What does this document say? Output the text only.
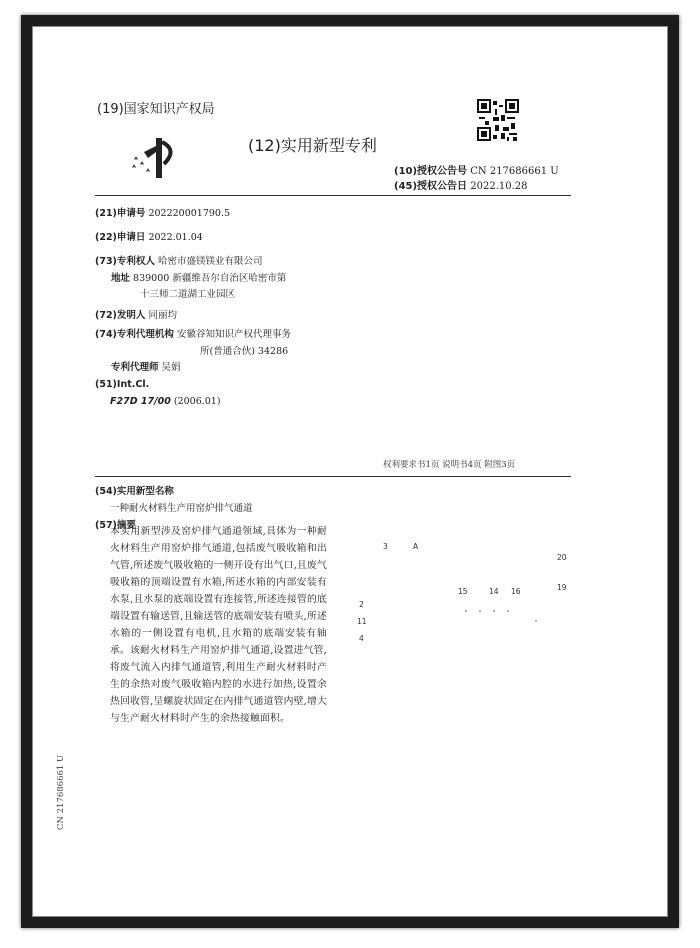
(19)国家知识产权局
(12)实用新型专利
(10)授权公告号 CN 217686661 U
(45)授权公告日 2022.10.28
(21)申请号 202220001790.5
(22)申请日 2022.01.04
(73)专利权人 哈密市盛镁镁业有限公司
地址 839000 新疆维吾尔自治区哈密市第
十三师二道湖工业园区
(72)发明人 同丽均
(74)专利代理机构 安徽谷知知识产权代理事务
所(普通合伙) 34286
专利代理师 吴娟
(51)Int.Cl.
F27D 17/00 (2006.01)
权利要求书1页 说明书4页 附图3页
(54)实用新型名称
一种耐火材料生产用窑炉排气通道
(57)摘要
本实用新型涉及窑炉排气通道领域,具体为一种耐火材料生产用窑炉排气通道,包括废气吸收箱和出气管,所述废气吸收箱的一侧开设有出气口,且废气吸收箱的顶端设置有水箱,所述水箱的内部安装有水泵,且水泵的底端设置有连接管,所述连接管的底端设置有输送管,且输送管的底端安装有喷头,所述水箱的一侧设置有电机,且水箱的底端安装有轴承。该耐火材料生产用窑炉排气通道,设置进气管,将废气流入内排气通道管,利用生产耐火材料时产生的余热对废气吸收箱内腔的水进行加热,设置余热回收管,呈螺旋状固定在内排气通道管内壁,增大与生产耐火材料时产生的余热接触面积。
3	A
20
19
15	14 16
2
11
4
CN 217686661 U
